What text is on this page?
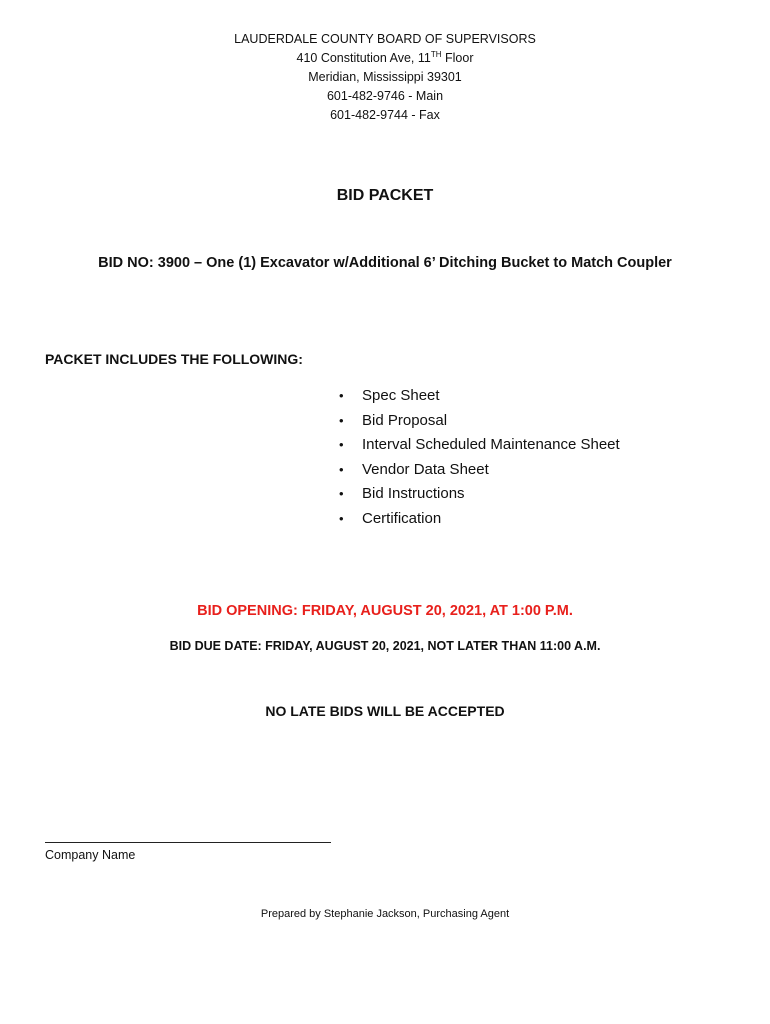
LAUDERDALE COUNTY BOARD OF SUPERVISORS
410 Constitution Ave, 11TH Floor
Meridian, Mississippi 39301
601-482-9746 - Main
601-482-9744 - Fax
BID PACKET
BID NO: 3900 – One (1) Excavator w/Additional 6’ Ditching Bucket to Match Coupler
PACKET INCLUDES THE FOLLOWING:
• Spec Sheet
• Bid Proposal
• Interval Scheduled Maintenance Sheet
• Vendor Data Sheet
• Bid Instructions
• Certification
BID OPENING: FRIDAY, AUGUST 20, 2021, AT 1:00 P.M.
BID DUE DATE: FRIDAY, AUGUST 20, 2021, NOT LATER THAN 11:00 A.M.
NO LATE BIDS WILL BE ACCEPTED
Company Name
Prepared by Stephanie Jackson, Purchasing Agent
